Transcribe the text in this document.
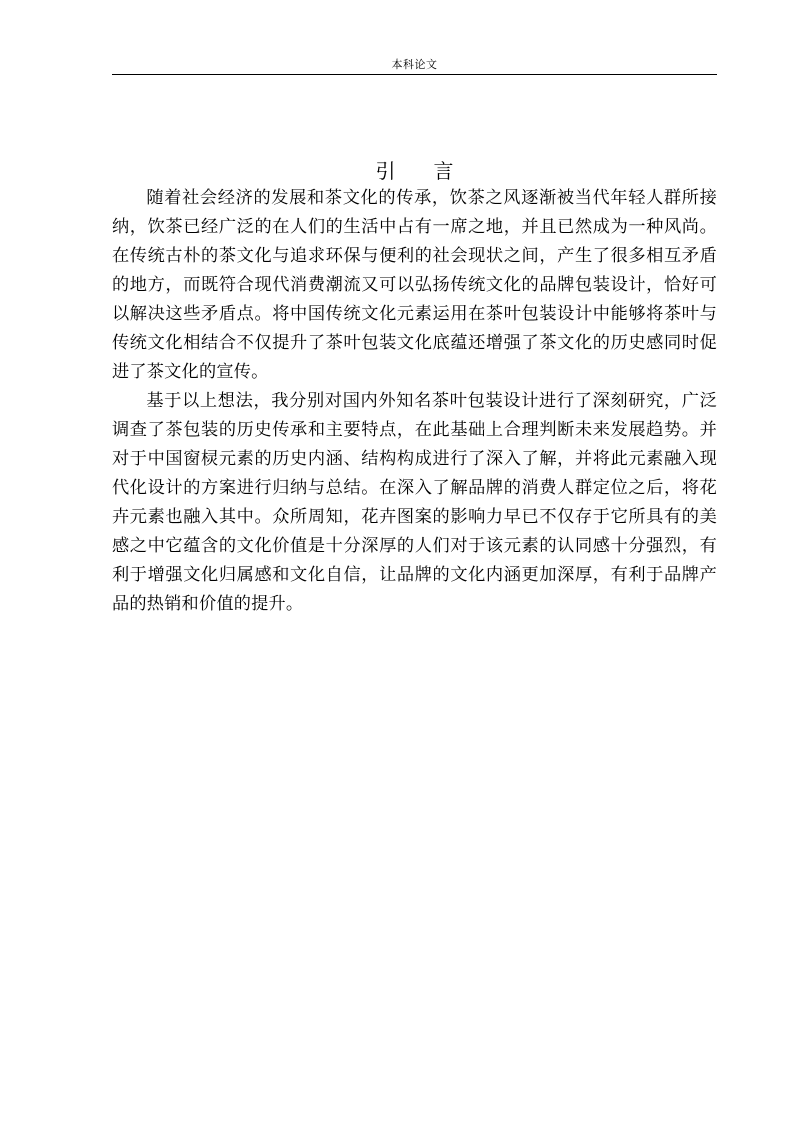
本科论文
引 言

随着社会经济的发展和茶文化的传承，饮茶之风逐渐被当代年轻人群所接纳，饮茶已经广泛的在人们的生活中占有一席之地，并且已然成为一种风尚。在传统古朴的茶文化与追求环保与便利的社会现状之间，产生了很多相互矛盾的地方，而既符合现代消费潮流又可以弘扬传统文化的品牌包装设计，恰好可以解决这些矛盾点。将中国传统文化元素运用在茶叶包装设计中能够将茶叶与传统文化相结合不仅提升了茶叶包装文化底蕴还增强了茶文化的历史感同时促进了茶文化的宣传。

基于以上想法，我分别对国内外知名茶叶包装设计进行了深刻研究，广泛调查了茶包装的历史传承和主要特点，在此基础上合理判断未来发展趋势。并对于中国窗棂元素的历史内涵、结构构成进行了深入了解，并将此元素融入现代化设计的方案进行归纳与总结。在深入了解品牌的消费人群定位之后，将花卉元素也融入其中。众所周知，花卉图案的影响力早已不仅存于它所具有的美感之中它蕴含的文化价值是十分深厚的人们对于该元素的认同感十分强烈，有利于增强文化归属感和文化自信，让品牌的文化内涵更加深厚，有利于品牌产品的热销和价值的提升。
